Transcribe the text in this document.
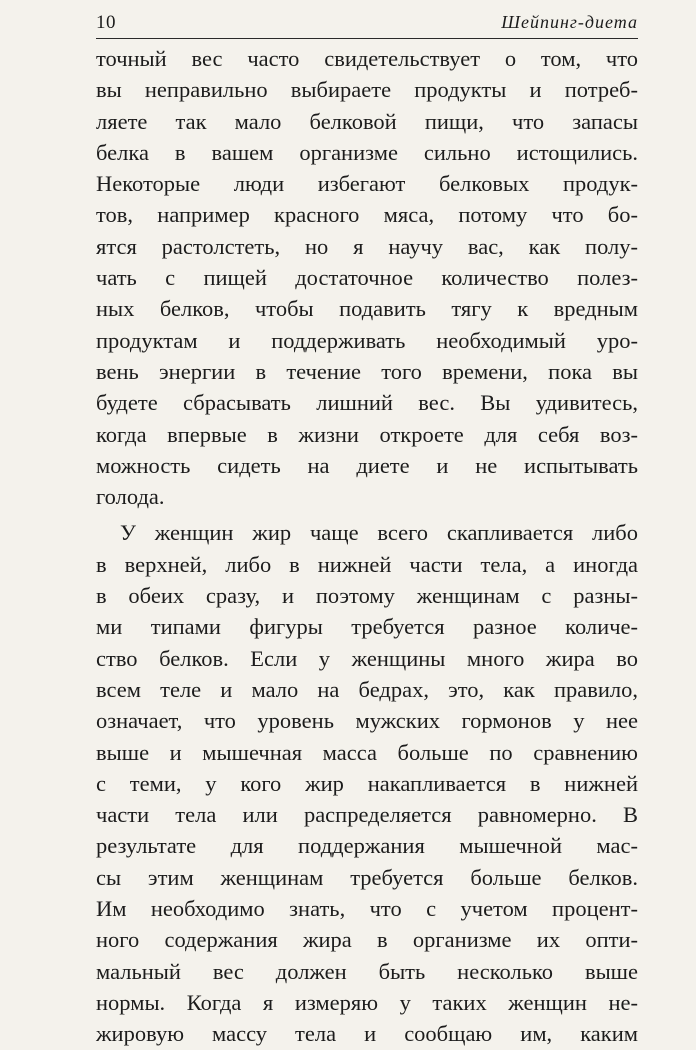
10	Шейпинг-диета
точный вес часто свидетельствует о том, что
вы неправильно выбираете продукты и потреб-
ляете так мало белковой пищи, что запасы
белка в вашем организме сильно истощились.
Некоторые люди избегают белковых продук-
тов, например красного мяса, потому что бо-
ятся растолстеть, но я научу вас, как полу-
чать с пищей достаточное количество полез-
ных белков, чтобы подавить тягу к вредным
продуктам и поддерживать необходимый уро-
вень энергии в течение того времени, пока вы
будете сбрасывать лишний вес. Вы удивитесь,
когда впервые в жизни откроете для себя воз-
можность сидеть на диете и не испытывать
голода.
У женщин жир чаще всего скапливается либо
в верхней, либо в нижней части тела, а иногда
в обеих сразу, и поэтому женщинам с разны-
ми типами фигуры требуется разное количе-
ство белков. Если у женщины много жира во
всем теле и мало на бедрах, это, как правило,
означает, что уровень мужских гормонов у нее
выше и мышечная масса больше по сравнению
с теми, у кого жир накапливается в нижней
части тела или распределяется равномерно. В
результате для поддержания мышечной мас-
сы этим женщинам требуется больше белков.
Им необходимо знать, что с учетом процент-
ного содержания жира в организме их опти-
мальный вес должен быть несколько выше
нормы. Когда я измеряю у таких женщин не-
жировую массу тела и сообщаю им, каким
